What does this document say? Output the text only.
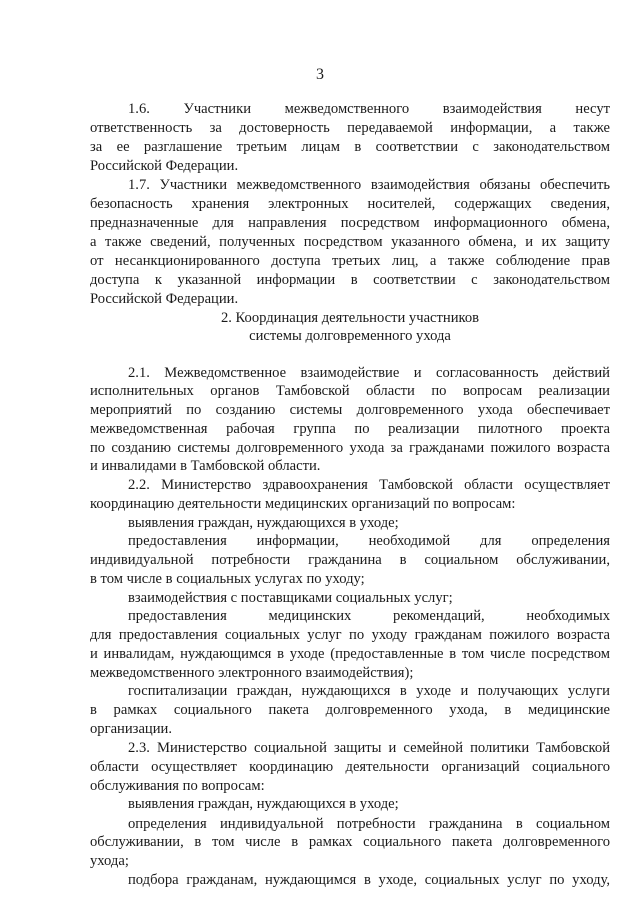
3
1.6. Участники межведомственного взаимодействия несут
ответственность за достоверность передаваемой информации, а также
за ее разглашение третьим лицам в соответствии с законодательством
Российской Федерации.
1.7. Участники межведомственного взаимодействия обязаны обеспечить
безопасность хранения электронных носителей, содержащих сведения,
предназначенные для направления посредством информационного обмена,
а также сведений, полученных посредством указанного обмена, и их защиту
от несанкционированного доступа третьих лиц, а также соблюдение прав
доступа к указанной информации в соответствии с законодательством
Российской Федерации.
2. Координация деятельности участников
системы долговременного ухода
2.1. Межведомственное взаимодействие и согласованность действий
исполнительных органов Тамбовской области по вопросам реализации
мероприятий по созданию системы долговременного ухода обеспечивает
межведомственная рабочая группа по реализации пилотного проекта
по созданию системы долговременного ухода за гражданами пожилого возраста
и инвалидами в Тамбовской области.
2.2. Министерство здравоохранения Тамбовской области осуществляет
координацию деятельности медицинских организаций по вопросам:
выявления граждан, нуждающихся в уходе;
предоставления информации, необходимой для определения
индивидуальной потребности гражданина в социальном обслуживании,
в том числе в социальных услугах по уходу;
взаимодействия с поставщиками социальных услуг;
предоставления медицинских рекомендаций, необходимых
для предоставления социальных услуг по уходу гражданам пожилого возраста
и инвалидам, нуждающимся в уходе (предоставленные в том числе посредством
межведомственного электронного взаимодействия);
госпитализации граждан, нуждающихся в уходе и получающих услуги
в рамках социального пакета долговременного ухода, в медицинские
организации.
2.3. Министерство социальной защиты и семейной политики Тамбовской
области осуществляет координацию деятельности организаций социального
обслуживания по вопросам:
выявления граждан, нуждающихся в уходе;
определения индивидуальной потребности гражданина в социальном
обслуживании, в том числе в рамках социального пакета долговременного
ухода;
подбора гражданам, нуждающимся в уходе, социальных услуг по уходу,
